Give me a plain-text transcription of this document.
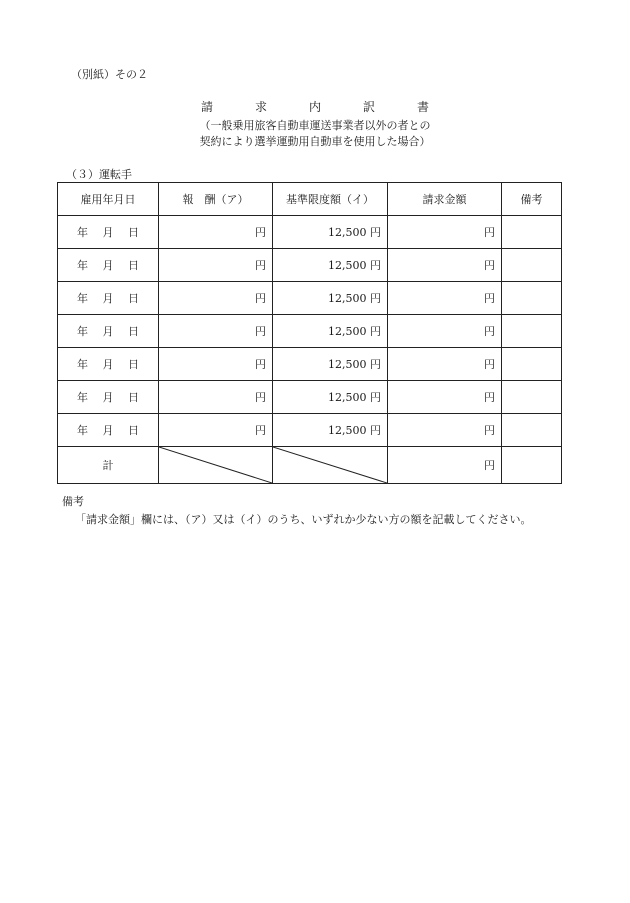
（別紙）その２
請	求	内	訳	書
（一般乗用旅客自動車運送事業者以外の者との
契約により選挙運動用自動車を使用した場合）
（３）運転手
雇用年月日	報　酬（ア）	基準限度額（イ）	請求金額	備考
年　 月　 日	円	12,500 円	円	
年　 月　 日	円	12,500 円	円	
年　 月　 日	円	12,500 円	円	
年　 月　 日	円	12,500 円	円	
年　 月　 日	円	12,500 円	円	
年　 月　 日	円	12,500 円	円	
年　 月　 日	円	12,500 円	円	
計			円	
備考
「請求金額」欄には、（ア）又は（イ）のうち、いずれか少ない方の額を記載してください。
